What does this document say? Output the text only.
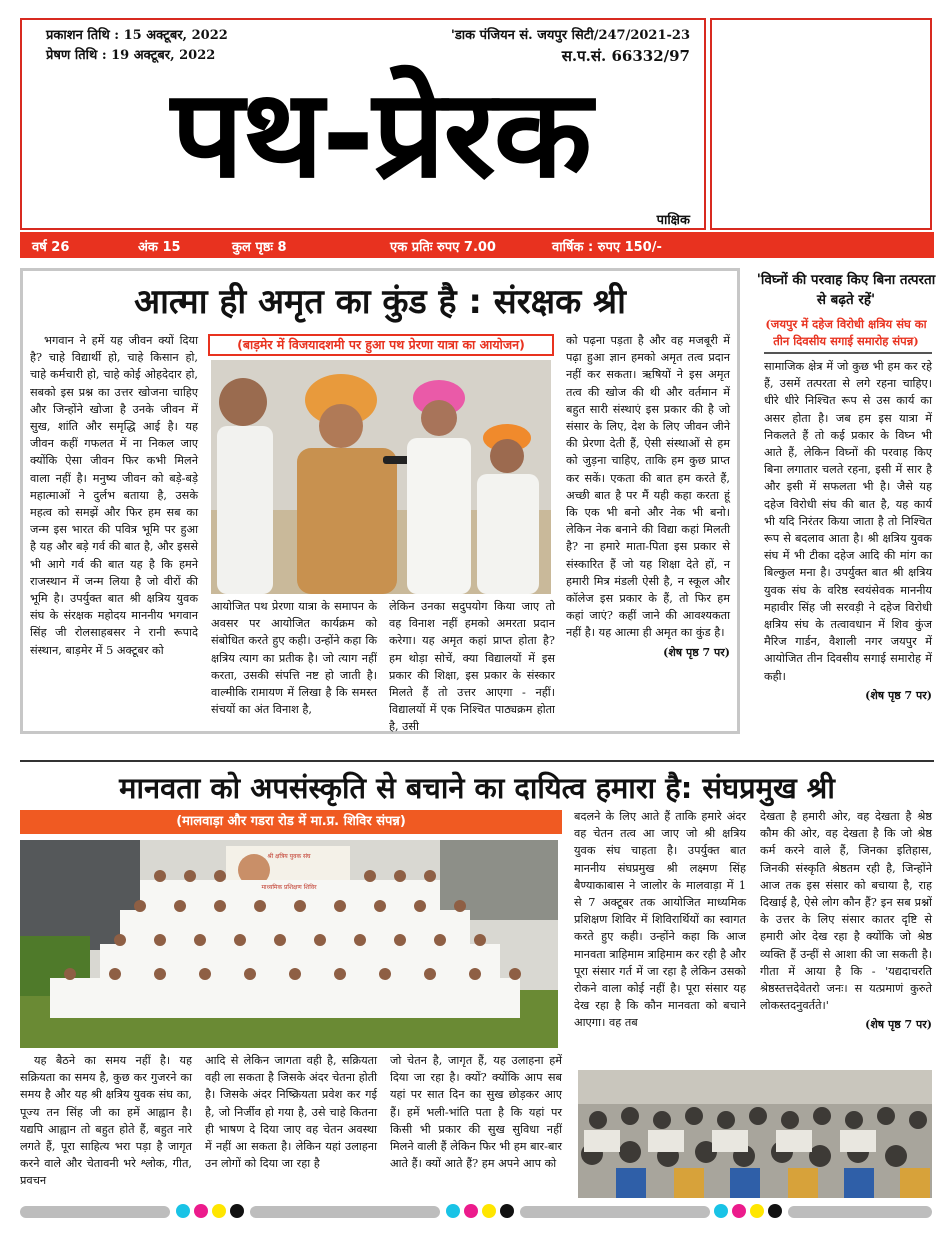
प्रकाशन तिथि : 15 अक्टूबर, 2022
प्रेषण तिथि : 19 अक्टूबर, 2022
'डाक पंजियन सं. जयपुर सिटी/247/2021-23
स.प.सं. 66332/97
पथ-प्रेरक
पाक्षिक
वर्ष 26	अंक 15	कुल पृष्ठः 8	एक प्रतिः रुपए 7.00	वार्षिक : रुपए 150/-
आत्मा ही अमृत का कुंड है : संरक्षक श्री

भगवान ने हमें यह जीवन क्यों दिया है? चाहे विद्यार्थी हो, चाहे किसान हो, चाहे कर्मचारी हो, चाहे कोई ओहदेदार हो, सबको इस प्रश्न का उत्तर खोजना चाहिए और जिन्होंने खोजा है उनके जीवन में सुख, शांति और समृद्धि आई है। यह जीवन कहीं गफलत में ना निकल जाए क्योंकि ऐसा जीवन फिर कभी मिलने वाला नहीं है। मनुष्य जीवन को बड़े-बड़े महात्माओं ने दुर्लभ बताया है, उसके महत्व को समझें और फिर हम सब का जन्म इस भारत की पवित्र भूमि पर हुआ है यह और बड़े गर्व की बात है, और इससे भी आगे गर्व की बात यह है कि हमने राजस्थान में जन्म लिया है जो वीरों की भूमि है। उपर्युक्त बात श्री क्षत्रिय युवक संघ के संरक्षक महोदय माननीय भगवान सिंह जी रोलसाहबसर ने रानी रूपादे संस्थान, बाड़मेर में 5 अक्टूबर को

(बाड़मेर में विजयादशमी पर हुआ पथ प्रेरणा यात्रा का आयोजन)

आयोजित पथ प्रेरणा यात्रा के समापन के अवसर पर आयोजित कार्यक्रम को संबोधित करते हुए कही। उन्होंने कहा कि क्षत्रिय त्याग का प्रतीक है। जो त्याग नहीं करता, उसकी संपत्ति नष्ट हो जाती है। वाल्मीकि रामायण में लिखा है कि समस्त संचयों का अंत विनाश है,

लेकिन उनका सदुपयोग किया जाए तो वह विनाश नहीं हमको अमरता प्रदान करेगा। यह अमृत कहां प्राप्त होता है? हम थोड़ा सोचें, क्या विद्यालयों में इस प्रकार की शिक्षा, इस प्रकार के संस्कार मिलते हैं तो उत्तर आएगा - नहीं। विद्यालयों में एक निश्चित पाठ्यक्रम होता है, उसी

को पढ़ना पड़ता है और वह मजबूरी में पढ़ा हुआ ज्ञान हमको अमृत तत्व प्रदान नहीं कर सकता। ऋषियों ने इस अमृत तत्व की खोज की थी और वर्तमान में बहुत सारी संस्थाएं इस प्रकार की है जो संसार के लिए, देश के लिए जीवन जीने की प्रेरणा देती हैं, ऐसी संस्थाओं से हम को जुड़ना चाहिए, ताकि हम कुछ प्राप्त कर सकें। एकता की बात हम करते हैं, अच्छी बात है पर मैं यही कहा करता हूं कि एक भी बनो और नेक भी बनो। लेकिन नेक बनाने की विद्या कहां मिलती है? ना हमारे माता-पिता इस प्रकार से संस्कारित हैं जो यह शिक्षा देते हों, न हमारी मित्र मंडली ऐसी है, न स्कूल और कॉलेज इस प्रकार के हैं, तो फिर हम कहां जाएं? कहीं जाने की आवश्यकता नहीं है। यह आत्मा ही अमृत का कुंड है।

(शेष पृष्ठ 7 पर)
'विघ्नों की परवाह किए बिना तत्परता से बढ़ते रहें'
(जयपुर में दहेज विरोधी क्षत्रिय संघ का तीन दिवसीय सगाई समारोह संपन्न)

सामाजिक क्षेत्र में जो कुछ भी हम कर रहे हैं, उसमें तत्परता से लगे रहना चाहिए। धीरे धीरे निश्चित रूप से उस कार्य का असर होता है। जब हम इस यात्रा में निकलते हैं तो कई प्रकार के विघ्न भी आते हैं, लेकिन विघ्नों की परवाह किए बिना लगातार चलते रहना, इसी में सार है और इसी में सफलता भी है। जैसे यह दहेज विरोधी संघ की बात है, यह कार्य भी यदि निरंतर किया जाता है तो निश्चित रूप से बदलाव आता है। श्री क्षत्रिय युवक संघ में भी टीका दहेज आदि की मांग का बिल्कुल मना है। उपर्युक्त बात श्री क्षत्रिय युवक संघ के वरिष्ठ स्वयंसेवक माननीय महावीर सिंह जी सरवड़ी ने दहेज विरोधी क्षत्रिय संघ के तत्वावधान में शिव कुंज मैरिज गार्डन, वैशाली नगर जयपुर में आयोजित तीन दिवसीय सगाई समारोह में कही।

(शेष पृष्ठ 7 पर)
मानवता को अपसंस्कृति से बचाने का दायित्व हमारा है: संघप्रमुख श्री
(मालवाड़ा और गडरा रोड में मा.प्र. शिविर संपन्न)
श्री क्षत्रिय युवक संघ
माध्यमिक प्रशिक्षण शिविर

यह बैठने का समय नहीं है। यह सक्रियता का समय है, कुछ कर गुजरने का समय है और यह श्री क्षत्रिय युवक संघ का, पूज्य तन सिंह जी का हमें आह्वान है। यद्यपि आह्वान तो बहुत होते हैं, बहुत नारे लगते हैं, पूरा साहित्य भरा पड़ा है जागृत करने वाले और चेतावनी भरे श्लोक, गीत, प्रवचन

आदि से लेकिन जागता वही है, सक्रियता वही ला सकता है जिसके अंदर चेतना होती है। जिसके अंदर निष्क्रियता प्रवेश कर गई है, जो निर्जीव हो गया है, उसे चाहे कितना ही भाषण दे दिया जाए वह चेतन अवस्था में नहीं आ सकता है। लेकिन यहां उलाहना उन लोगों को दिया जा रहा है

जो चेतन है, जागृत हैं, यह उलाहना हमें दिया जा रहा है। क्यों? क्योंकि आप सब यहां पर सात दिन का सुख छोड़कर आए हैं। हमें भली-भांति पता है कि यहां पर किसी भी प्रकार की सुख सुविधा नहीं मिलने वाली हैं लेकिन फिर भी हम बार-बार आते हैं। क्यों आते हैं? हम अपने आप को

बदलने के लिए आते हैं ताकि हमारे अंदर वह चेतन तत्व आ जाए जो श्री क्षत्रिय युवक संघ चाहता है। उपर्युक्त बात माननीय संघप्रमुख श्री लक्ष्मण सिंह बैण्याकाबास ने जालोर के मालवाड़ा में 1 से 7 अक्टूबर तक आयोजित माध्यमिक प्रशिक्षण शिविर में शिविरार्थियों का स्वागत करते हुए कही। उन्होंने कहा कि आज मानवता त्राहिमाम त्राहिमाम कर रही है और पूरा संसार गर्त में जा रहा है लेकिन उसको रोकने वाला कोई नहीं है। पूरा संसार यह देख रहा है कि कौन मानवता को बचाने आएगा। वह तब

देखता है हमारी ओर, वह देखता है श्रेष्ठ कौम की ओर, वह देखता है कि जो श्रेष्ठ कर्म करने वाले हैं, जिनका इतिहास, जिनकी संस्कृति श्रेष्ठतम रही है, जिन्होंने आज तक इस संसार को बचाया है, राह दिखाई है, ऐसे लोग कौन हैं? इन सब प्रश्नों के उत्तर के लिए संसार कातर दृष्टि से हमारी ओर देख रहा है क्योंकि जो श्रेष्ठ व्यक्ति हैं उन्हीं से आशा की जा सकती है। गीता में आया है कि - 'यद्यदाचरति श्रेष्ठस्तत्तदेवेतरो जनः। स यत्प्रमाणं कुरुते लोकस्तदनुवर्तते।'

(शेष पृष्ठ 7 पर)
